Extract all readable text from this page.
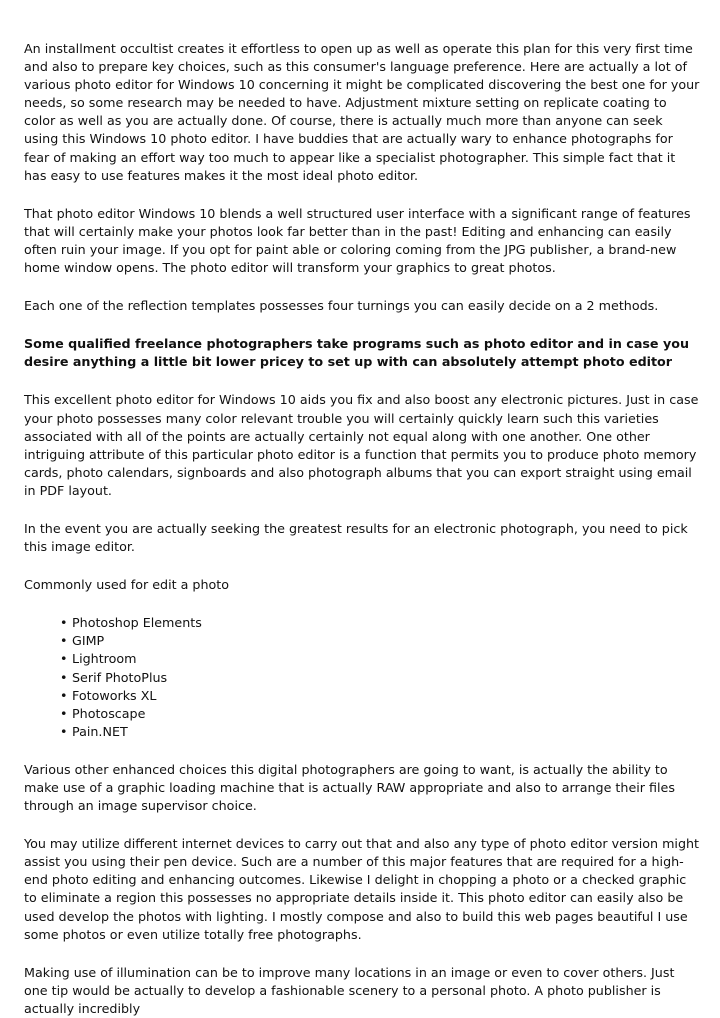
An installment occultist creates it effortless to open up as well as operate this plan for this very first time and also to prepare key choices, such as this consumer's language preference. Here are actually a lot of various photo editor for Windows 10 concerning it might be complicated discovering the best one for your needs, so some research may be needed to have. Adjustment mixture setting on replicate coating to color as well as you are actually done. Of course, there is actually much more than anyone can seek using this Windows 10 photo editor. I have buddies that are actually wary to enhance photographs for fear of making an effort way too much to appear like a specialist photographer. This simple fact that it has easy to use features makes it the most ideal photo editor.

That photo editor Windows 10 blends a well structured user interface with a significant range of features that will certainly make your photos look far better than in the past! Editing and enhancing can easily often ruin your image. If you opt for paint able or coloring coming from the JPG publisher, a brand-new home window opens. The photo editor will transform your graphics to great photos.

Each one of the reflection templates possesses four turnings you can easily decide on a 2 methods.

Some qualified freelance photographers take programs such as photo editor and in case you desire anything a little bit lower pricey to set up with can absolutely attempt photo editor

This excellent photo editor for Windows 10 aids you fix and also boost any electronic pictures. Just in case your photo possesses many color relevant trouble you will certainly quickly learn such this varieties associated with all of the points are actually certainly not equal along with one another. One other intriguing attribute of this particular photo editor is a function that permits you to produce photo memory cards, photo calendars, signboards and also photograph albums that you can export straight using email in PDF layout.

In the event you are actually seeking the greatest results for an electronic photograph, you need to pick this image editor.

Commonly used for edit a photo

• Photoshop Elements
• GIMP
• Lightroom
• Serif PhotoPlus
• Fotoworks XL
• Photoscape
• Pain.NET

Various other enhanced choices this digital photographers are going to want, is actually the ability to make use of a graphic loading machine that is actually RAW appropriate and also to arrange their files through an image supervisor choice.

You may utilize different internet devices to carry out that and also any type of photo editor version might assist you using their pen device. Such are a number of this major features that are required for a high-end photo editing and enhancing outcomes. Likewise I delight in chopping a photo or a checked graphic to eliminate a region this possesses no appropriate details inside it. This photo editor can easily also be used develop the photos with lighting. I mostly compose and also to build this web pages beautiful I use some photos or even utilize totally free photographs.

Making use of illumination can be to improve many locations in an image or even to cover others. Just one tip would be actually to develop a fashionable scenery to a personal photo. A photo publisher is actually incredibly
